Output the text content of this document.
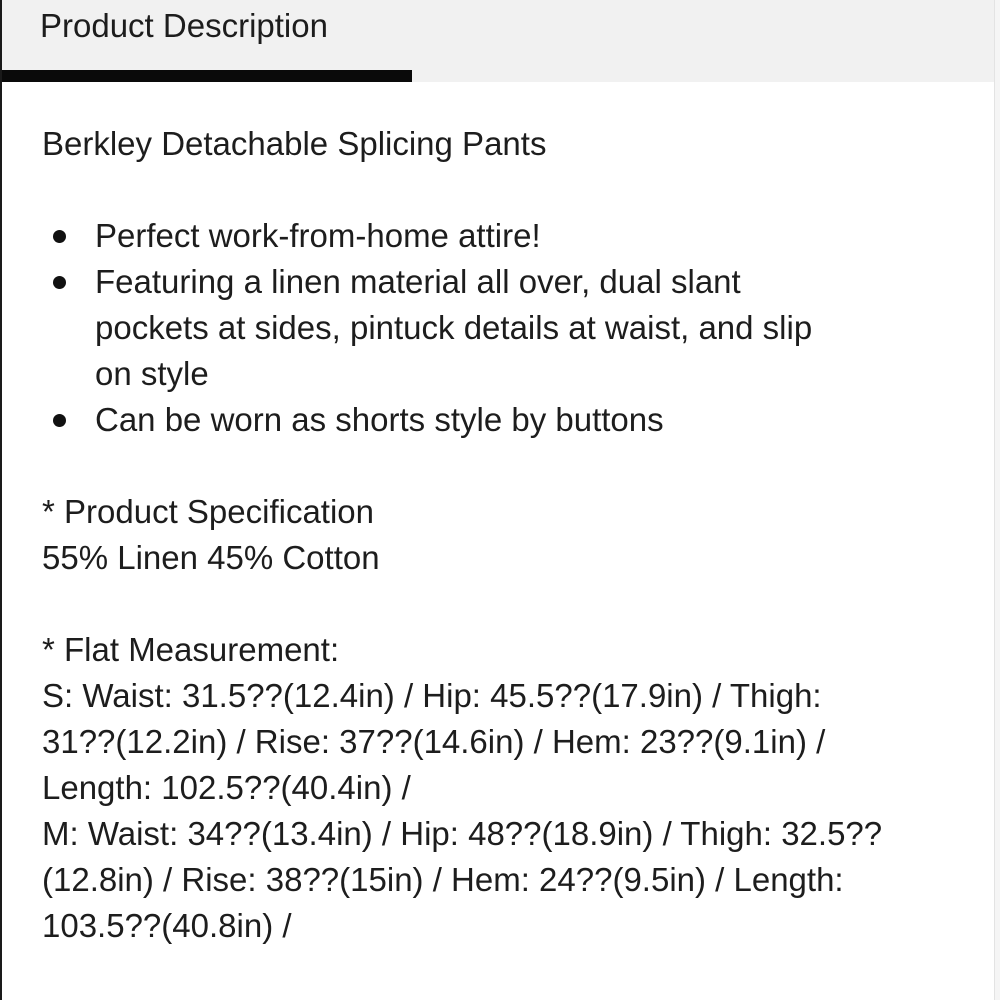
Product Description
Berkley Detachable Splicing Pants
Perfect work-from-home attire!
Featuring a linen material all over, dual slant pockets at sides, pintuck details at waist, and slip on style
Can be worn as shorts style by buttons
* Product Specification
55% Linen 45% Cotton
* Flat Measurement:
S: Waist: 31.5??(12.4in) / Hip: 45.5??(17.9in) / Thigh: 31??(12.2in) / Rise: 37??(14.6in) / Hem: 23??(9.1in) / Length: 102.5??(40.4in) /
M: Waist: 34??(13.4in) / Hip: 48??(18.9in) / Thigh: 32.5??(12.8in) / Rise: 38??(15in) / Hem: 24??(9.5in) / Length: 103.5??(40.8in) /
